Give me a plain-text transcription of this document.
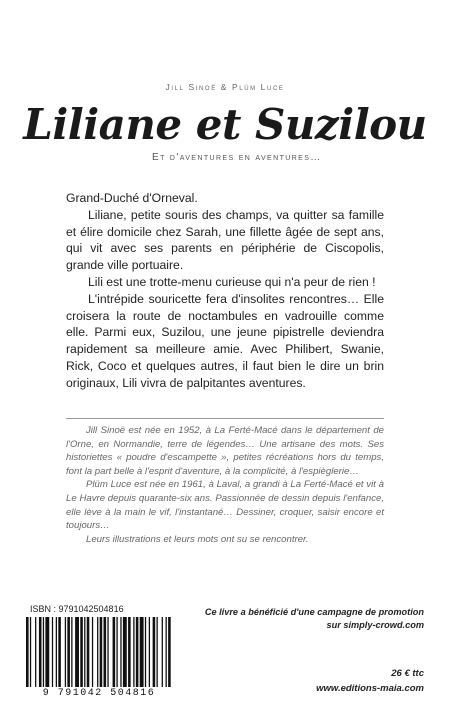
Jill Sinoë & Plüm Luce
Liliane et Suzilou
Et d'aventures en aventures…

Grand-Duché d'Orneval.

Liliane, petite souris des champs, va quitter sa famille et élire domicile chez Sarah, une fillette âgée de sept ans, qui vit avec ses parents en périphérie de Ciscopolis, grande ville portuaire.

Lili est une trotte-menu curieuse qui n'a peur de rien !

L'intrépide souricette fera d'insolites rencontres… Elle croisera la route de noctambules en vadrouille comme elle. Parmi eux, Suzilou, une jeune pipistrelle deviendra rapidement sa meilleure amie. Avec Philibert, Swanie, Rick, Coco et quelques autres, il faut bien le dire un brin originaux, Lili vivra de palpitantes aventures.

Jill Sinoë est née en 1952, à La Ferté-Macé dans le département de l'Orne, en Normandie, terre de légendes… Une artisane des mots. Ses historiettes « poudre d'escampette », petites récréations hors du temps, font la part belle à l'esprit d'aventure, à la complicité, à l'espièglerie…

Plüm Luce est née en 1961, à Laval, a grandi à La Ferté-Macé et vit à Le Havre depuis quarante-six ans. Passionnée de dessin depuis l'enfance, elle lève à la main le vif, l'instantané… Dessiner, croquer, saisir encore et toujours…

Leurs illustrations et leurs mots ont su se rencontrer.

ISBN : 9791042504816
9 791042 504816
Ce livre a bénéficié d'une campagne de promotion
sur simply-crowd.com
26 € ttc
www.editions-maia.com
